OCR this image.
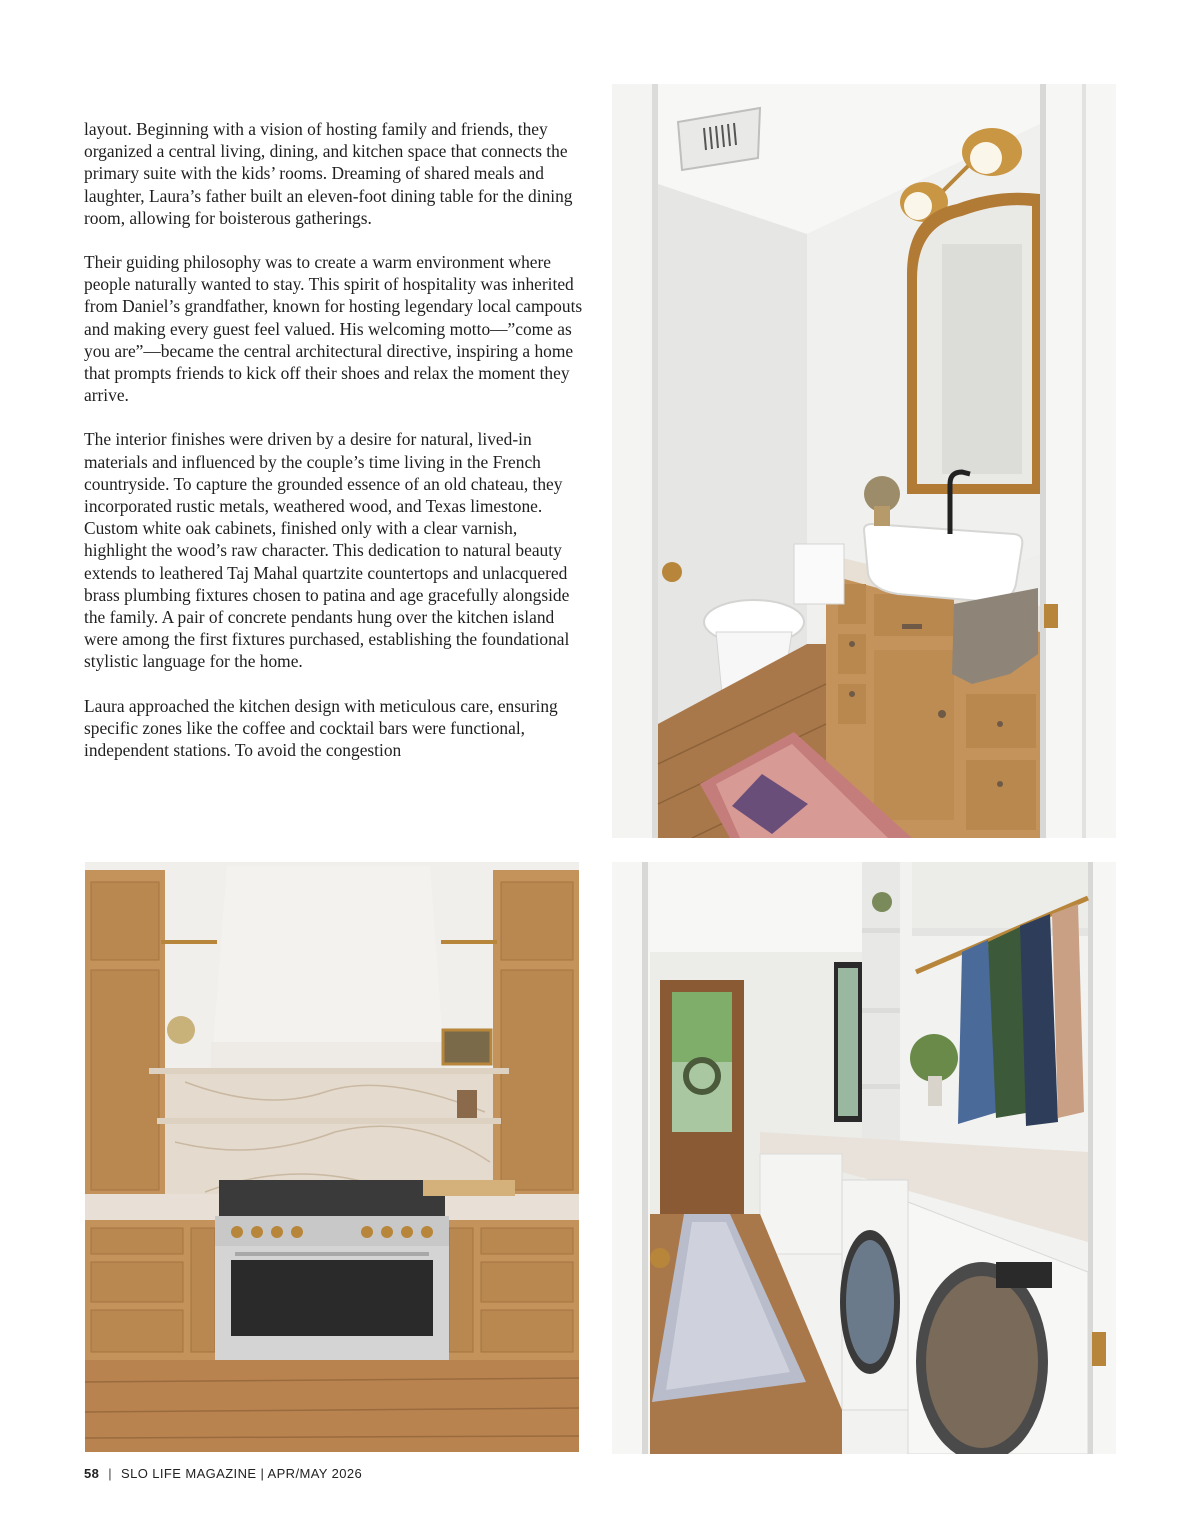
layout. Beginning with a vision of hosting family and friends, they organized a central living, dining, and kitchen space that connects the primary suite with the kids’ rooms. Dreaming of shared meals and laughter, Laura’s father built an eleven-foot dining table for the dining room, allowing for boisterous gatherings.

Their guiding philosophy was to create a warm environment where people naturally wanted to stay. This spirit of hospitality was inherited from Daniel’s grandfather, known for hosting legendary local campouts and making every guest feel valued. His welcoming motto—”come as you are”—became the central architectural directive, inspiring a home that prompts friends to kick off their shoes and relax the moment they arrive.

The interior finishes were driven by a desire for natural, lived-in materials and influenced by the couple’s time living in the French countryside. To capture the grounded essence of an old chateau, they incorporated rustic metals, weathered wood, and Texas limestone. Custom white oak cabinets, finished only with a clear varnish, highlight the wood’s raw character. This dedication to natural beauty extends to leathered Taj Mahal quartzite countertops and unlacquered brass plumbing fixtures chosen to patina and age gracefully alongside the family. A pair of concrete pendants hung over the kitchen island were among the first fixtures purchased, establishing the foundational stylistic language for the home.

Laura approached the kitchen design with meticulous care, ensuring specific zones like the coffee and cocktail bars were functional, independent stations. To avoid the congestion

58 | SLO LIFE MAGAZINE | APR/MAY 2026
